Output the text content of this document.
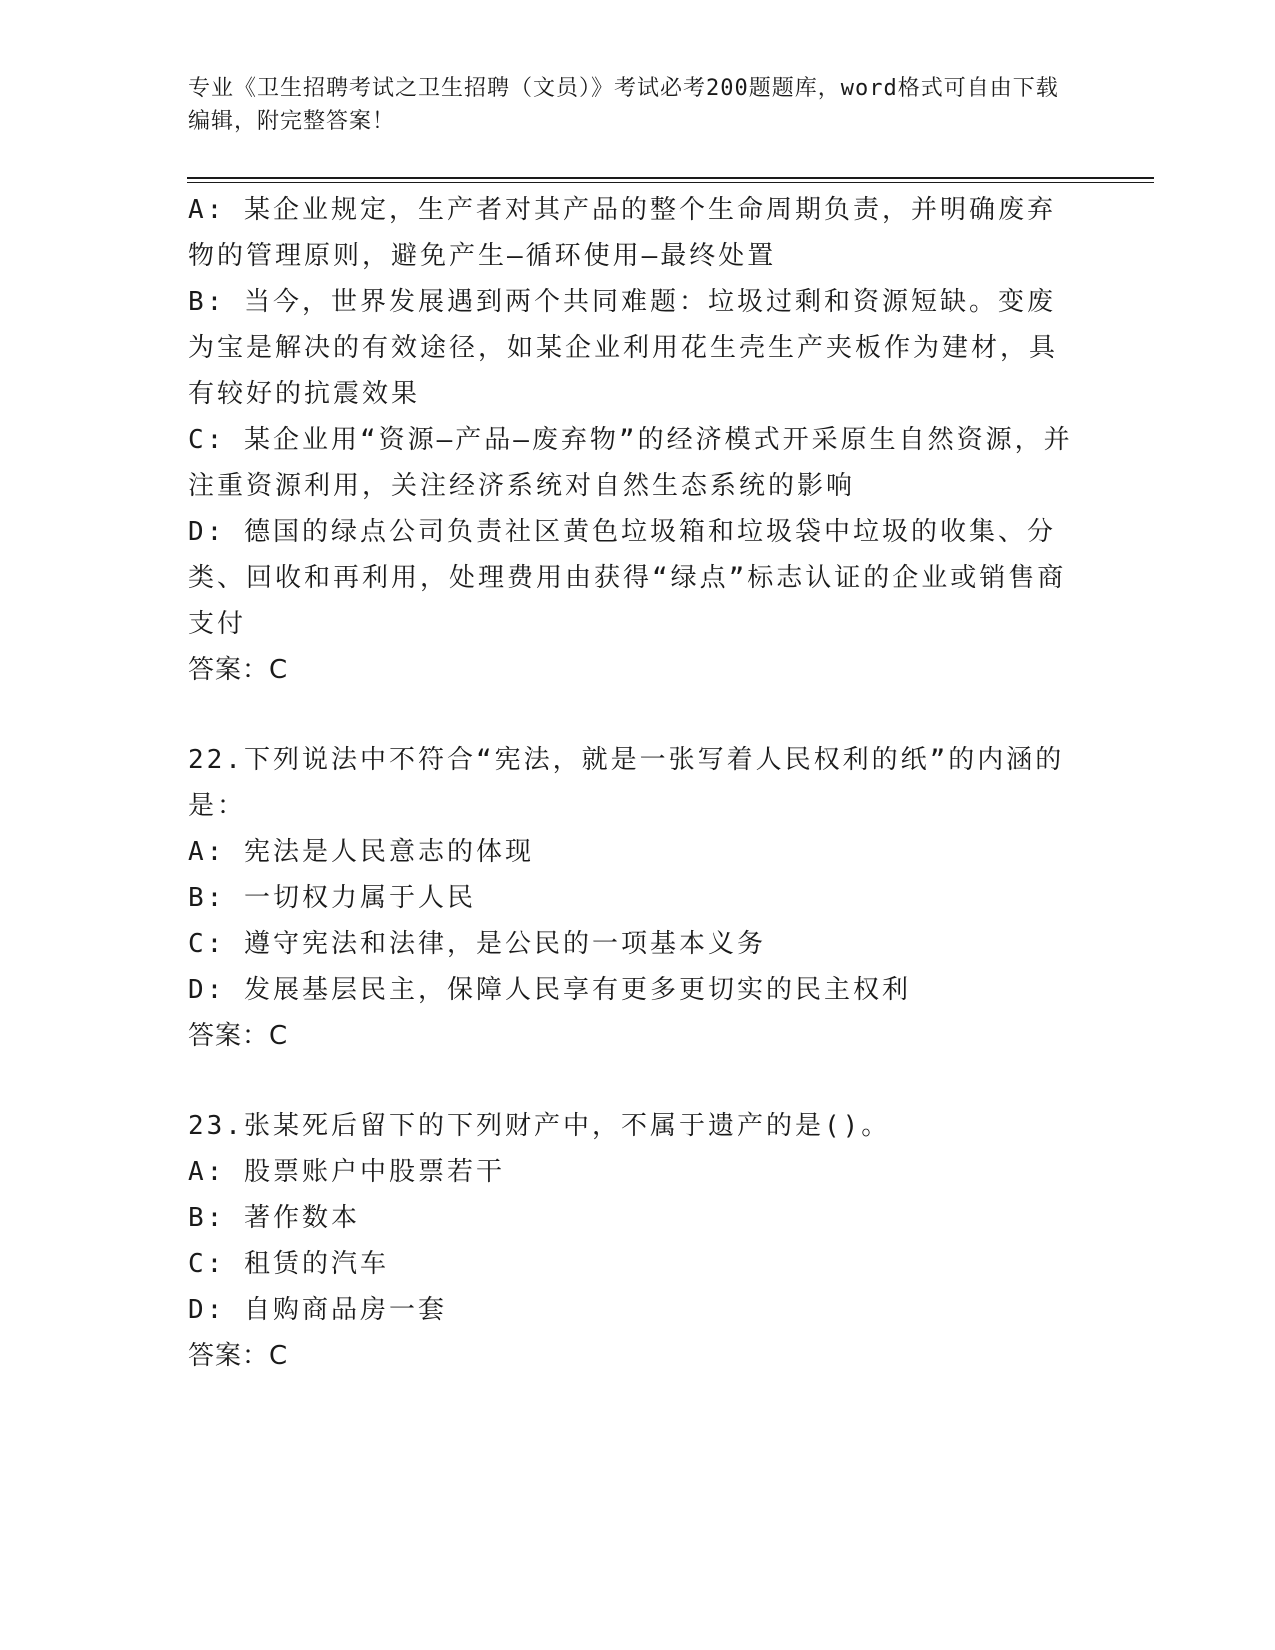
专业《卫生招聘考试之卫生招聘（文员）》考试必考200题题库，word格式可自由下载编辑，附完整答案！

A: 某企业规定，生产者对其产品的整个生命周期负责，并明确废弃物的管理原则，避免产生—循环使用—最终处置

B: 当今，世界发展遇到两个共同难题：垃圾过剩和资源短缺。变废为宝是解决的有效途径，如某企业利用花生壳生产夹板作为建材，具有较好的抗震效果

C: 某企业用“资源—产品—废弃物”的经济模式开采原生自然资源，并注重资源利用，关注经济系统对自然生态系统的影响

D: 德国的绿点公司负责社区黄色垃圾箱和垃圾袋中垃圾的收集、分类、回收和再利用，处理费用由获得“绿点”标志认证的企业或销售商支付

答案：C

22.下列说法中不符合“宪法，就是一张写着人民权利的纸”的内涵的是：

A: 宪法是人民意志的体现

B: 一切权力属于人民

C: 遵守宪法和法律，是公民的一项基本义务

D: 发展基层民主，保障人民享有更多更切实的民主权利

答案：C

23.张某死后留下的下列财产中，不属于遗产的是()。

A: 股票账户中股票若干

B: 著作数本

C: 租赁的汽车

D: 自购商品房一套

答案：C
